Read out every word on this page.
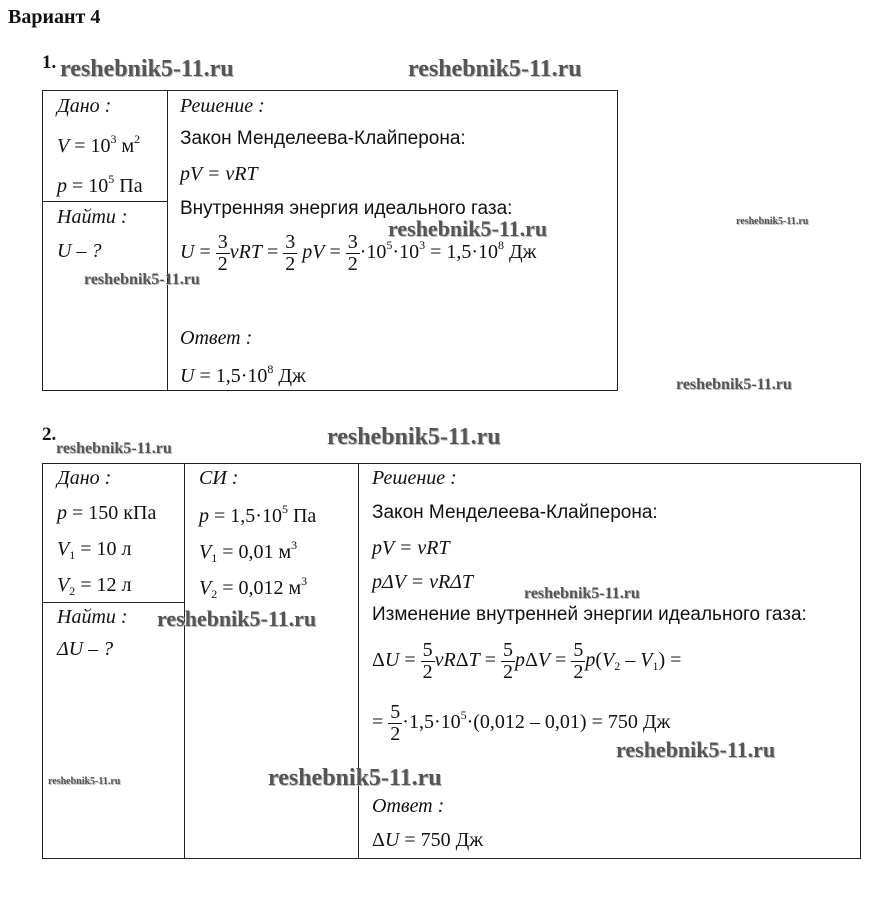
Вариант 4
1.
Дано :
$V = 10^3$ $м^2$
$p = 10^5$ Па
Найти :
U – ?
Решение :
Закон Менделеева-Клайперона:
pV = νRT
Внутренняя энергия идеального газа:
$U = \frac{3}{2}$ $\nu RT = \frac{3}{2}$ pV = $\frac{3}{2} \cdot 10^5\cdot 10^3 = 1,5\cdot 10^8$ Дж
Ответ :
$U = 1,5\cdot 10^8$ Дж
2.
Дано :
p = 150 кПа
$V_1 = 10$ л
$V_2 = 12$ л
СИ :
$p = 1,5\cdot 10^5$ Па
$V_1 = 0,01$ $м^3$
$V_2 = 0,012$ $м^3$
Найти :
ΔU – ?
Решение :
Закон Менделеева-Клайперона:
pV = νRT
pΔV = νRΔT
Изменение внутренней энергии идеального газа:
$\Delta U = \frac{5}{2}$ $\nu R\Delta T = \frac{5}{2}$ $p\Delta V = \frac{5}{2} p(V_2 - V_1)$ =
= $\frac{5}{2} \cdot 1,5\cdot 10^5\cdot(0,012 - 0,01) = 750$ Дж
Ответ :
ΔU = 750 Дж
reshebnik5-11.ru	reshebnik5-11.ru
reshebnik5-11.ru	reshebnik5-11.ru
reshebnik5-11.ru
reshebnik5-11.ru
reshebnik5-11.ru	reshebnik5-11.ru
reshebnik5-11.ru
reshebnik5-11.ru
reshebnik5-11.ru
reshebnik5-11.ru
reshebnik5-11.ru
